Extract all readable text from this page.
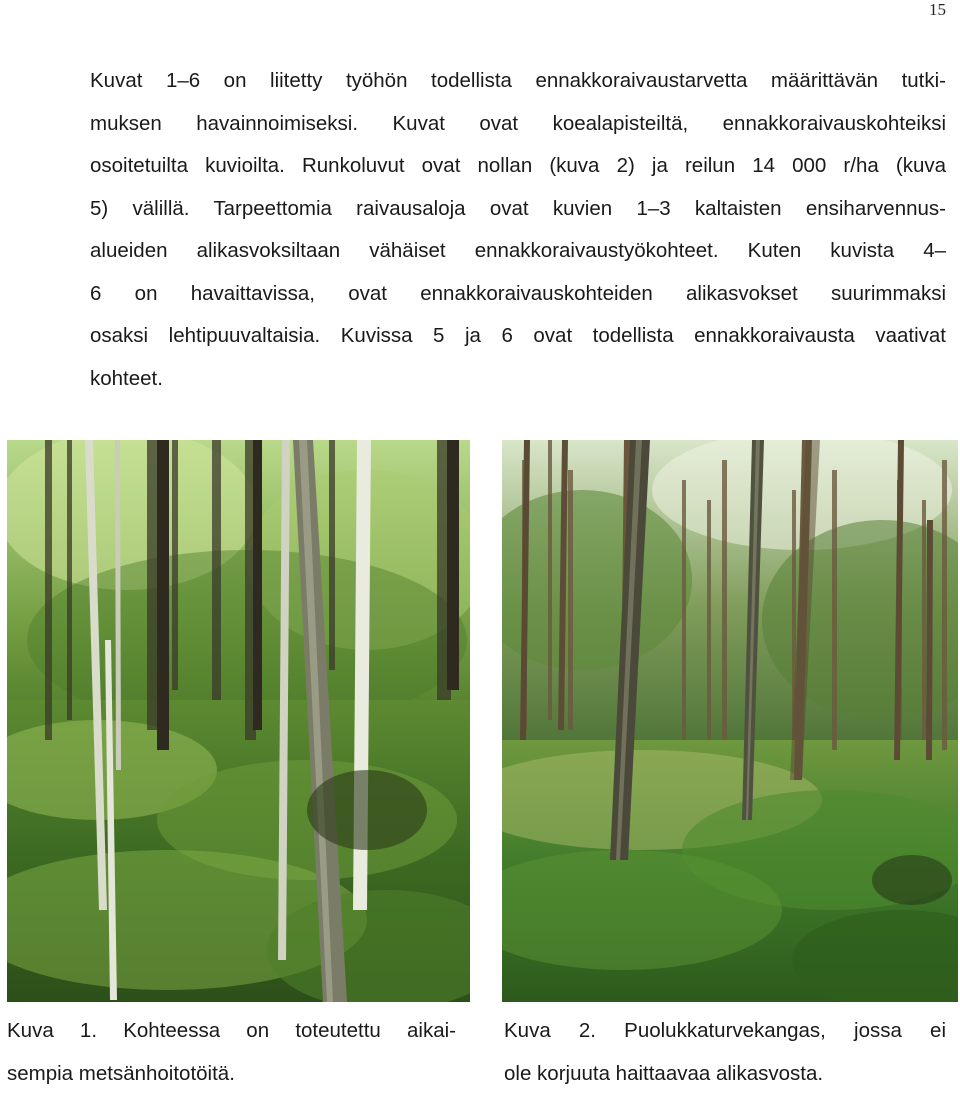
15
Kuvat 1–6 on liitetty työhön todellista ennakkoraivaustarvetta määrittävän tutki-
muksen havainnoimiseksi. Kuvat ovat koealapisteiltä, ennakkoraivauskohteiksi
osoitetuilta kuvioilta. Runkoluvut ovat nollan (kuva 2) ja reilun 14 000 r/ha (kuva
5) välillä. Tarpeettomia raivausaloja ovat kuvien 1–3 kaltaisten ensiharvennus-
alueiden alikasvoksiltaan vähäiset ennakkoraivaustyökohteet. Kuten kuvista 4–
6 on havaittavissa, ovat ennakkoraivauskohteiden alikasvokset suurimmaksi
osaksi lehtipuuvaltaisia. Kuvissa 5 ja 6 ovat todellista ennakkoraivausta vaativat
kohteet.
Kuva 1. Kohteessa on toteutettu aikai-
sempia metsänhoitotöitä.
Kuva 2. Puolukkaturvekangas, jossa ei
ole korjuuta haittaavaa alikasvosta.
